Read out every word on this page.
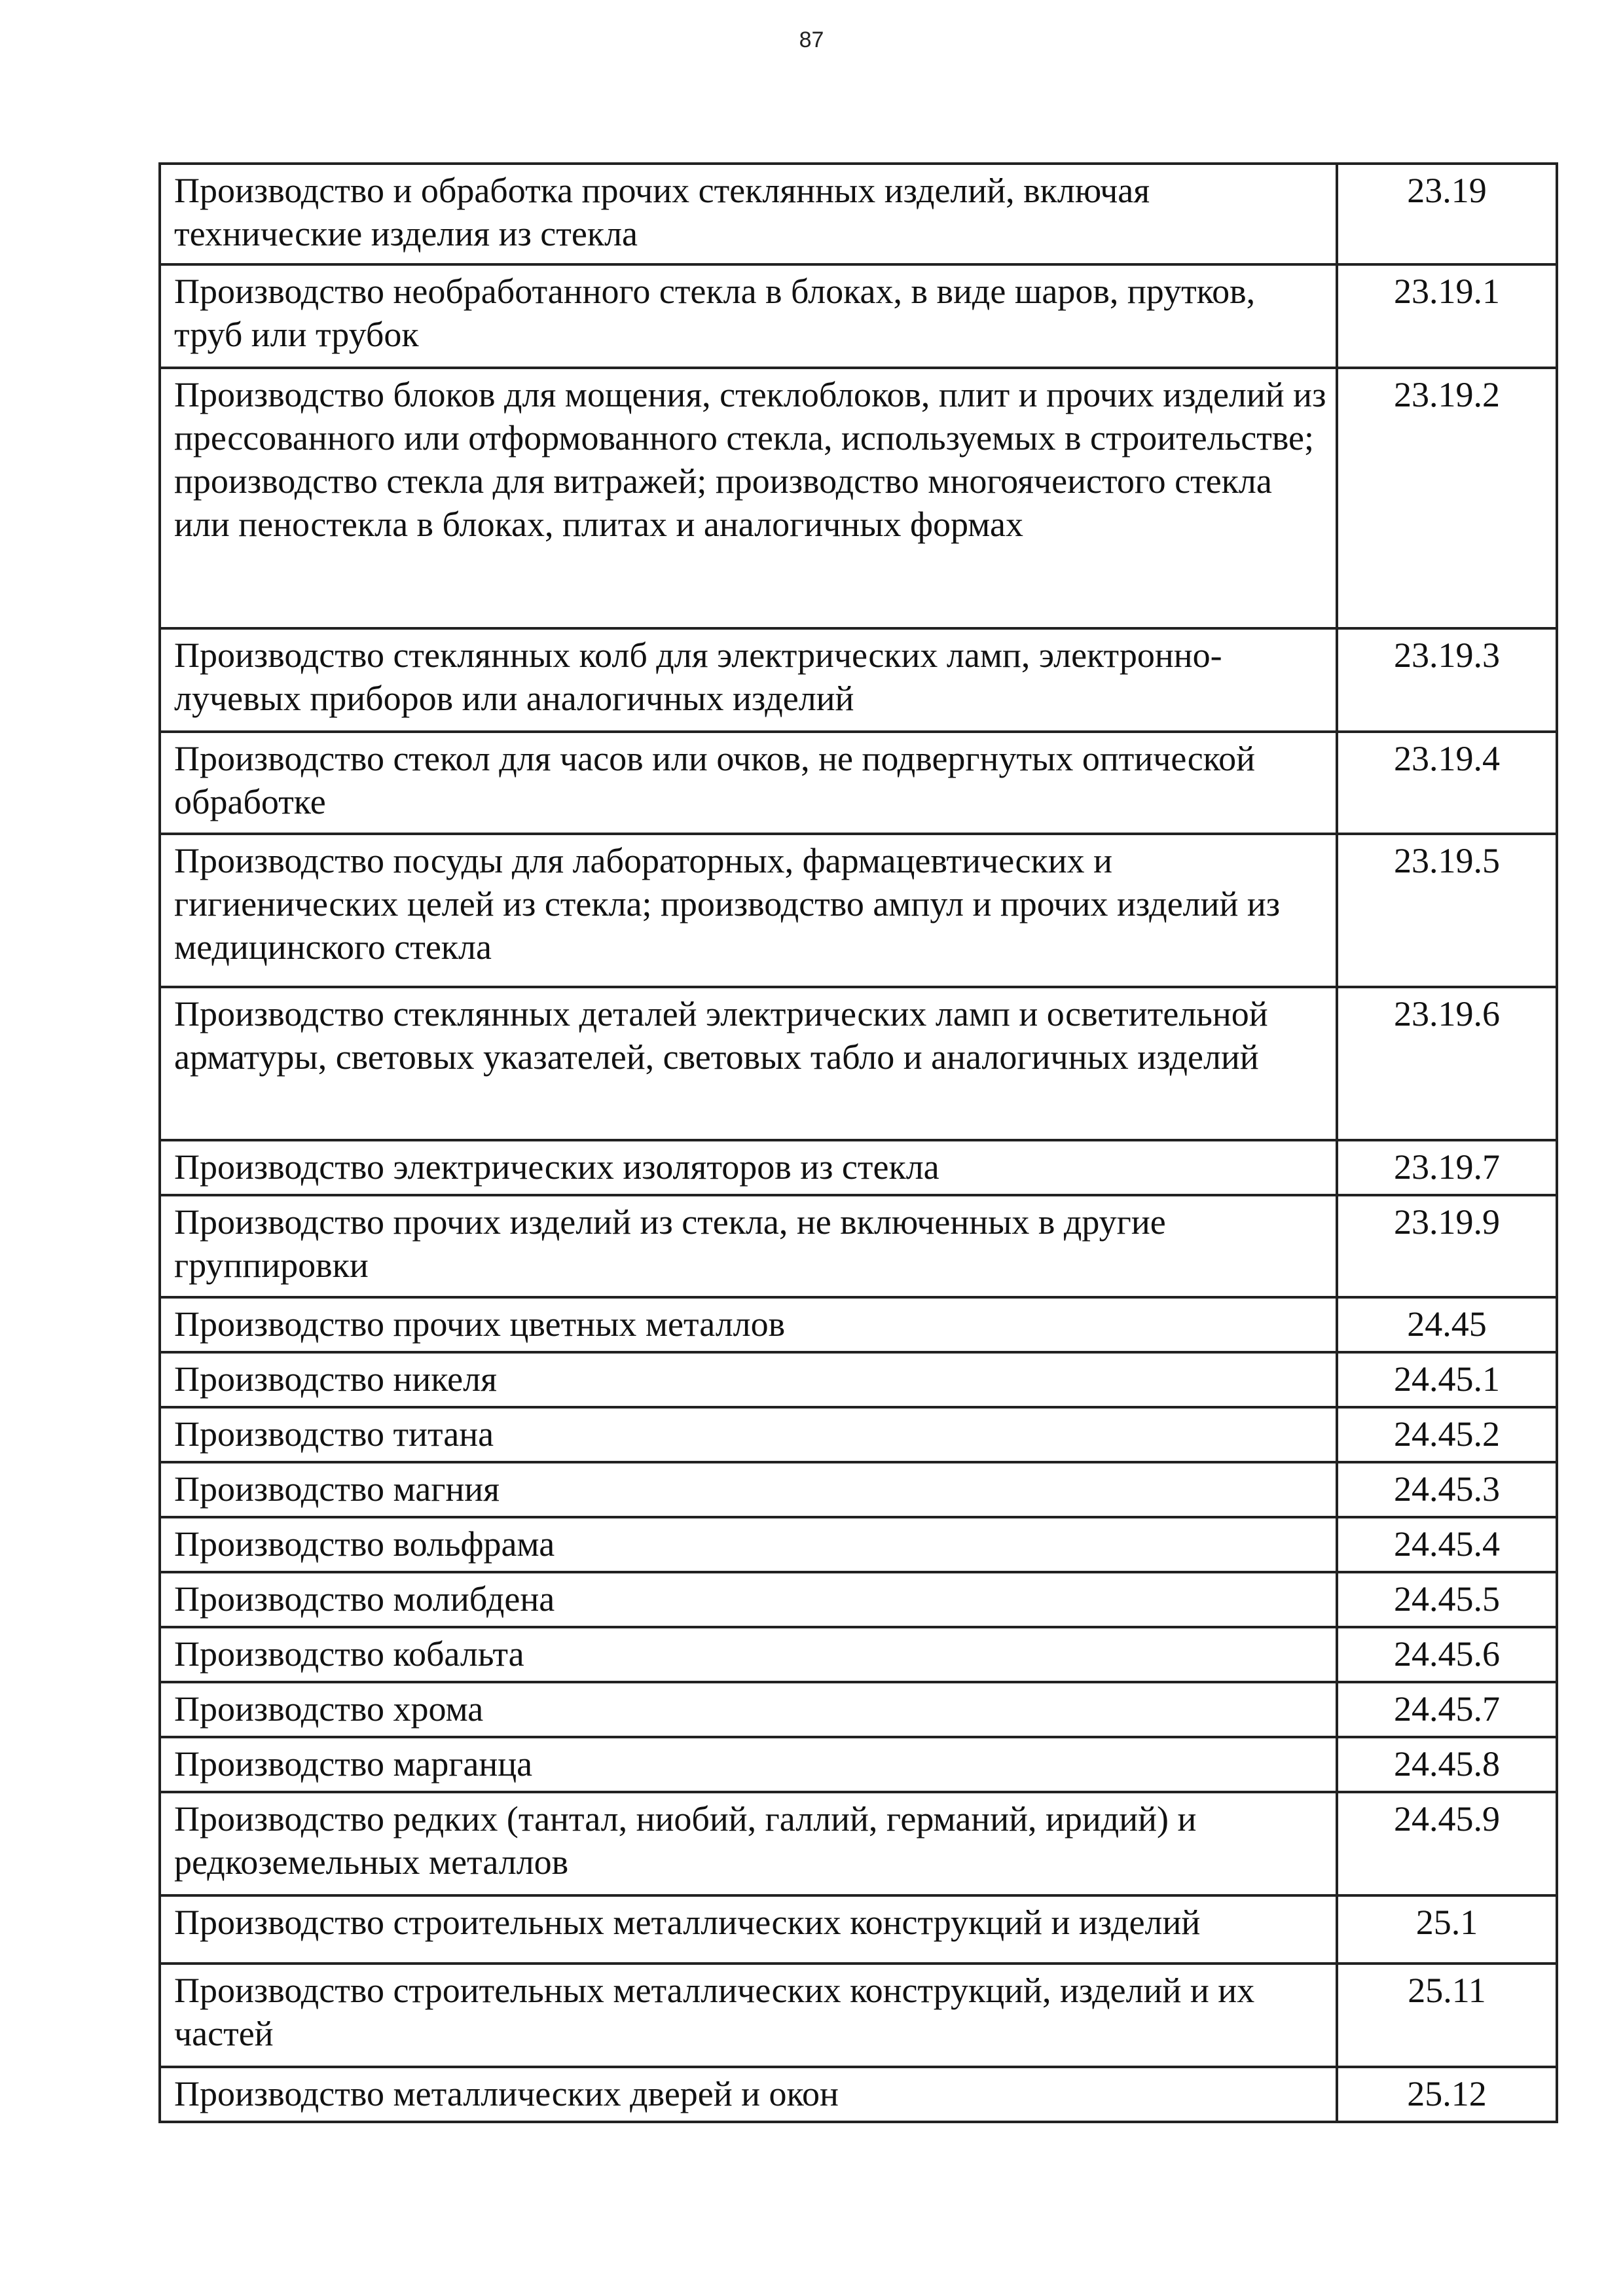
87
Производство и обработка прочих стеклянных изделий, включая технические изделия из стекла	23.19
Производство необработанного стекла в блоках, в виде шаров, прутков, труб или трубок	23.19.1
Производство блоков для мощения, стеклоблоков, плит и прочих изделий из прессованного или отформованного стекла, используемых в строительстве; производство стекла для витражей; производство многоячеистого стекла или пеностекла в блоках, плитах и аналогичных формах	23.19.2
Производство стеклянных колб для электрических ламп, электронно-лучевых приборов или аналогичных изделий	23.19.3
Производство стекол для часов или очков, не подвергнутых оптической обработке	23.19.4
Производство посуды для лабораторных, фармацевтических и гигиенических целей из стекла; производство ампул и прочих изделий из медицинского стекла	23.19.5
Производство стеклянных деталей электрических ламп и осветительной арматуры, световых указателей, световых табло и аналогичных изделий	23.19.6
Производство электрических изоляторов из стекла	23.19.7
Производство прочих изделий из стекла, не включенных в другие группировки	23.19.9
Производство прочих цветных металлов	24.45
Производство никеля	24.45.1
Производство титана	24.45.2
Производство магния	24.45.3
Производство вольфрама	24.45.4
Производство молибдена	24.45.5
Производство кобальта	24.45.6
Производство хрома	24.45.7
Производство марганца	24.45.8
Производство редких (тантал, ниобий, галлий, германий, иридий) и редкоземельных металлов	24.45.9
Производство строительных металлических конструкций и изделий	25.1
Производство строительных металлических конструкций, изделий и их частей	25.11
Производство металлических дверей и окон	25.12
